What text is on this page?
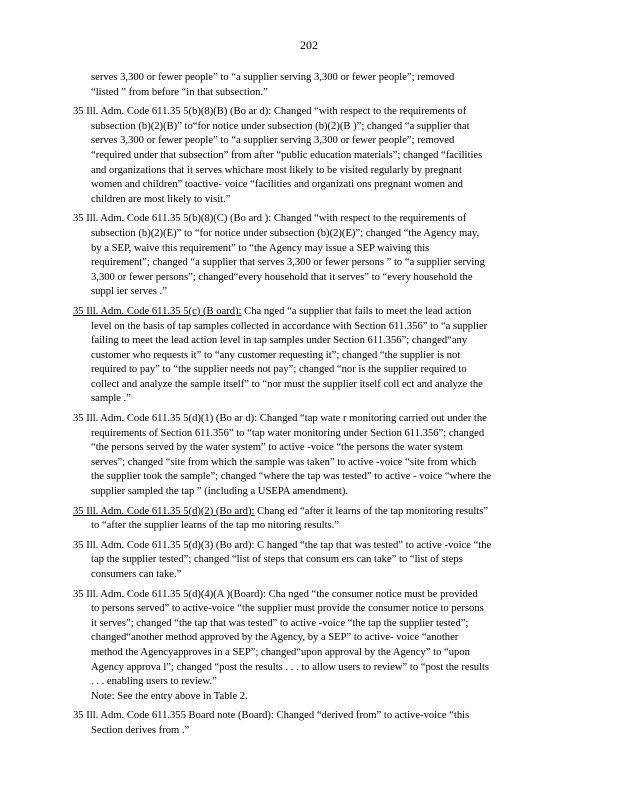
202
serves 3,300 or fewer people” to “a supplier serving 3,300 or fewer people”; removed
“listed ” from before “in that subsection.”
35 Ill. Adm. Code 611.35 5(b)(8)(B) (Bo ar d): Changed “with respect to the requirements of
subsection (b)(2)(B)” to“for notice under subsection (b)(2)(B )”; changed “a supplier that
serves 3,300 or fewer people” to “a supplier serving 3,300 or fewer people”; removed
“required under that subsection” from after “public education materials”; changed “facilities
and organizations that it serves whichare most likely to be visited regularly by pregnant
women and children” toactive- voice “facilities and organizati ons pregnant women and
children are most likely to visit.”
35 Ill. Adm. Code 611.35 5(b)(8)(C) (Bo ard ): Changed “with respect to the requirements of
subsection (b)(2)(E)” to “for notice under subsection (b)(2)(E)”; changed “the Agency may,
by a SEP, waive this requirement” to “the Agency may issue a SEP waiving this
requirement”; changed “a supplier that serves 3,300 or fewer persons ” to “a supplier serving
3,300 or fewer persons”; changed“every household that it serves” to “every household the
suppl ier serves .”
35 Ill. Adm. Code 611.35 5(c) (B oard): Cha nged “a supplier that fails to meet the lead action
level on the basis of tap samples collected in accordance with Section 611.356” to “a supplier
failing to meet the lead action level in tap samples under Section 611.356”; changed“any
customer who requests it” to “any customer requesting it”; changed “the supplier is not
required to pay” to “the supplier needs not pay”; changed “nor is the supplier required to
collect and analyze the sample itself” to “nor must the supplier itself coll ect and analyze the
sample .”
35 Ill. Adm. Code 611.35 5(d)(1) (Bo ar d): Changed “tap wate r monitoring carried out under the
requirements of Section 611.356” to “tap water monitoring under Section 611.356”; changed
“the persons served by the water system” to active -voice “the persons the water system
serves”; changed “site from which the sample was taken” to active -voice “site from which
the supplier took the sample”; changed “where the tap was tested” to active - voice “where the
supplier sampled the tap ” (including a USEPA amendment).
35 Ill. Adm. Code 611.35 5(d)(2) (Bo ard): Chang ed “after it learns of the tap monitoring results”
to “after the supplier learns of the tap mo nitoring results.”
35 Ill. Adm. Code 611.35 5(d)(3) (Bo ard): C hanged “the tap that was tested” to active -voice “the
tap the supplier tested”; changed “list of steps that consum ers can take” to “list of steps
consumers can take.”
35 Ill. Adm. Code 611.35 5(d)(4)(A )(Board): Cha nged “the consumer notice must be provided
to persons served” to active-voice “the supplier must provide the consumer notice to persons
it serves”; changed “the tap that was tested” to active -voice “the tap the supplier tested”;
changed“another method approved by the Agency, by a SEP” to active- voice “another
method the Agencyapproves in a SEP”; changed“upon approval by the Agency” to “upon
Agency approva l”; changed “post the results . . . to allow users to review” to “post the results
. . . enabling users to review.”
Note: See the entry above in Table 2.
35 Ill. Adm. Code 611.355 Board note (Board): Changed “derived from” to active-voice “this
Section derives from .”
